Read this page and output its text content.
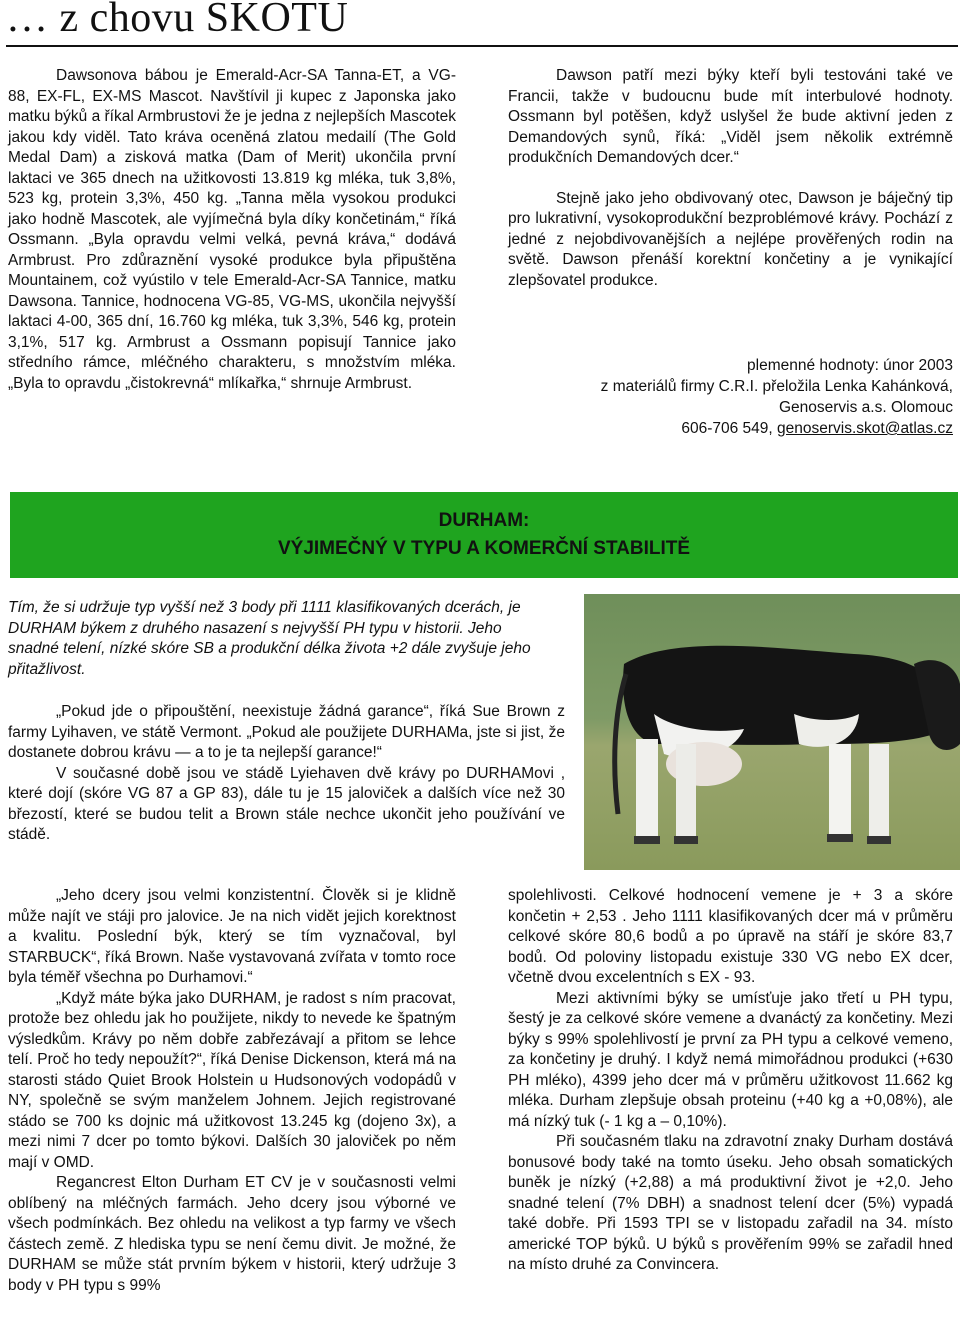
… z chovu SKOTU

Dawsonova bábou je Emerald-Acr-SA Tanna-ET, a VG-88, EX-FL, EX-MS Mascot. Navštívil ji kupec z Japonska jako matku býků a říkal Armbrustovi že je jedna z nejlepších Mascotek jakou kdy viděl. Tato kráva oceněná zlatou medailí (The Gold Medal Dam) a zisková matka (Dam of Merit) ukončila první laktaci ve 365 dnech na užitkovosti 13.819 kg mléka, tuk 3,8%, 523 kg, protein 3,3%, 450 kg. „Tanna měla vysokou produkci jako hodně Mascotek, ale vyjímečná byla díky končetinám,“ říká Ossmann. „Byla opravdu velmi velká, pevná kráva,“ dodává Armbrust. Pro zdůraznění vysoké produkce byla připuštěna Mountainem, což vyústilo v tele Emerald-Acr-SA Tannice, matku Dawsona. Tannice, hodnocena VG-85, VG-MS, ukončila nejvyšší laktaci 4-00, 365 dní, 16.760 kg mléka, tuk 3,3%, 546 kg, protein 3,1%, 517 kg. Armbrust a Ossmann popisují Tannice jako středního rámce, mléčného charakteru, s množstvím mléka. „Byla to opravdu „čistokrevná“ mlíkařka,“ shrnuje Armbrust.

Dawson patří mezi býky kteří byli testováni také ve Francii, takže v budoucnu bude mít interbulové hodnoty. Ossmann byl potěšen, když uslyšel že bude aktivní jeden z Demandových synů, říká: „Viděl jsem několik extrémně produkčních Demandových dcer.“

Stejně jako jeho obdivovaný otec, Dawson je báječný tip pro lukrativní, vysokoprodukční bezproblémové krávy. Pochází z jedné z nejobdivovanějších a nejlépe prověřených rodin na světě. Dawson přenáší korektní končetiny a je vynikající zlepšovatel produkce.

plemenné hodnoty: únor 2003
z materiálů firmy C.R.I. přeložila Lenka Kahánková,
Genoservis a.s. Olomouc
606-706 549, genoservis.skot@atlas.cz
DURHAM:
VÝJIMEČNÝ V TYPU A KOMERČNÍ STABILITĚ
Tím, že si udržuje typ vyšší než 3 body při 1111 klasifikovaných dcerách, je DURHAM býkem z druhého nasazení s nejvyšší PH typu v historii. Jeho snadné telení, nízké skóre SB a produkční délka života +2 dále zvyšuje jeho přitažlivost.

„Pokud jde o připouštění, neexistuje žádná garance“, říká Sue Brown z farmy Lyihaven, ve státě Vermont. „Pokud ale použijete DURHAMa, jste si jist, že dostanete dobrou krávu — a to je ta nejlepší garance!“

V současné době jsou ve stádě Lyiehaven dvě krávy po DURHAMovi , které dojí (skóre VG 87 a GP 83), dále tu je 15 jaloviček a dalších více než 30 březostí, které se budou telit a Brown stále nechce ukončit jeho používání ve stádě.

„Jeho dcery jsou velmi konzistentní. Člověk si je klidně může najít ve stáji pro jalovice. Je na nich vidět jejich korektnost a kvalitu. Poslední býk, který se tím vyznačoval, byl STARBUCK“, říká Brown. Naše vystavovaná zvířata v tomto roce byla téměř všechna po Durhamovi.“

„Když máte býka jako DURHAM, je radost s ním pracovat, protože bez ohledu jak ho použijete, nikdy to nevede ke špatným výsledkům. Krávy po něm dobře zabřezávají a přitom se lehce telí. Proč ho tedy nepoužít?“, říká Denise Dickenson, která má na starosti stádo Quiet Brook Holstein u Hudsonových vodopádů v NY, společně se svým manželem Johnem. Jejich registrované stádo se 700 ks dojnic má užitkovost 13.245 kg (dojeno 3x), a mezi nimi 7 dcer po tomto býkovi. Dalších 30 jaloviček po něm mají v OMD.

Regancrest Elton Durham ET CV je v současnosti velmi oblíbený na mléčných farmách. Jeho dcery jsou výborné ve všech podmínkách. Bez ohledu na velikost a typ farmy ve všech částech země. Z hlediska typu se není čemu divit. Je možné, že DURHAM se může stát prvním býkem v historii, který udržuje 3 body v PH typu s 99%

spolehlivosti. Celkové hodnocení vemene je + 3 a skóre končetin + 2,53 . Jeho 1111 klasifikovaných dcer má v průměru celkové skóre 80,6 bodů a po úpravě na stáří je skóre 83,7 bodů. Od poloviny listopadu existuje 330 VG nebo EX dcer, včetně dvou excelentních s EX - 93.

Mezi aktivními býky se umísťuje jako třetí u PH typu, šestý je za celkové skóre vemene a dvanáctý za končetiny. Mezi býky s 99% spolehlivostí je první za PH typu a celkové vemeno, za končetiny je druhý. I když nemá mimořádnou produkci (+630 PH mléko), 4399 jeho dcer má v průměru užitkovost 11.662 kg mléka. Durham zlepšuje obsah proteinu (+40 kg a +0,08%), ale má nízký tuk (- 1 kg a – 0,10%).

Při současném tlaku na zdravotní znaky Durham dostává bonusové body také na tomto úseku. Jeho obsah somatických buněk je nízký (+2,88) a má produktivní život je +2,0. Jeho snadné telení (7% DBH) a snadnost telení dcer (5%) vypadá také dobře. Při 1593 TPI se v listopadu zařadil na 34. místo americké TOP býků. U býků s prověřením 99% se zařadil hned na místo druhé za Convincera.
